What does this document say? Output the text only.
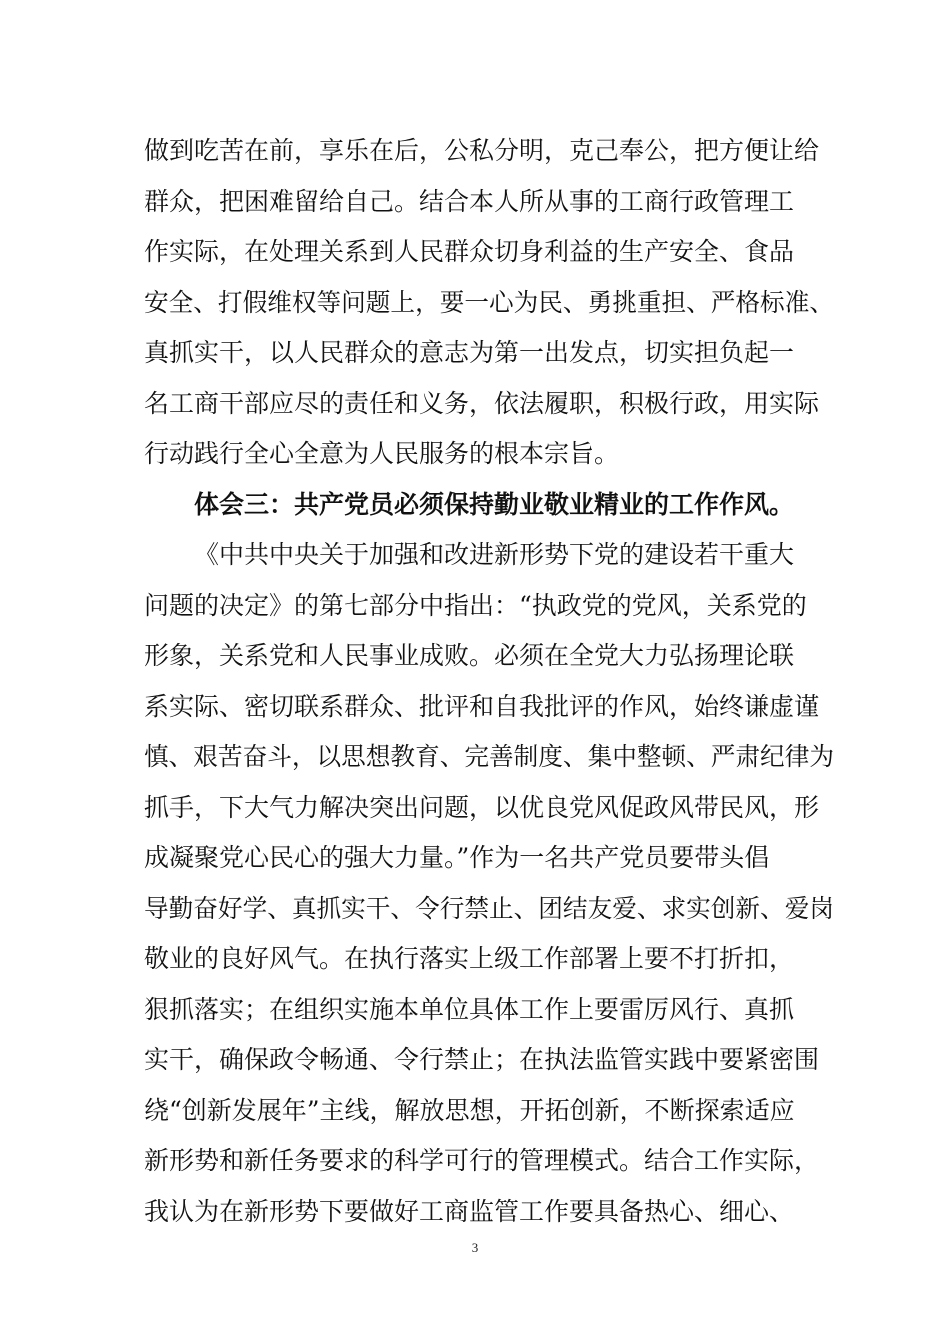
做到吃苦在前，享乐在后，公私分明，克己奉公，把方便让给
群众，把困难留给自己。结合本人所从事的工商行政管理工
作实际，在处理关系到人民群众切身利益的生产安全、食品
安全、打假维权等问题上，要一心为民、勇挑重担、严格标准、
真抓实干，以人民群众的意志为第一出发点，切实担负起一
名工商干部应尽的责任和义务，依法履职，积极行政，用实际
行动践行全心全意为人民服务的根本宗旨。
体会三：共产党员必须保持勤业敬业精业的工作作风。
《中共中央关于加强和改进新形势下党的建设若干重大
问题的决定》的第七部分中指出：“执政党的党风，关系党的
形象，关系党和人民事业成败。必须在全党大力弘扬理论联
系实际、密切联系群众、批评和自我批评的作风，始终谦虚谨
慎、艰苦奋斗，以思想教育、完善制度、集中整顿、严肃纪律为
抓手，下大气力解决突出问题，以优良党风促政风带民风，形
成凝聚党心民心的强大力量。”作为一名共产党员要带头倡
导勤奋好学、真抓实干、令行禁止、团结友爱、求实创新、爱岗
敬业的良好风气。在执行落实上级工作部署上要不打折扣，
狠抓落实；在组织实施本单位具体工作上要雷厉风行、真抓
实干，确保政令畅通、令行禁止；在执法监管实践中要紧密围
绕“创新发展年”主线，解放思想，开拓创新，不断探索适应
新形势和新任务要求的科学可行的管理模式。结合工作实际，
我认为在新形势下要做好工商监管工作要具备热心、细心、
3
